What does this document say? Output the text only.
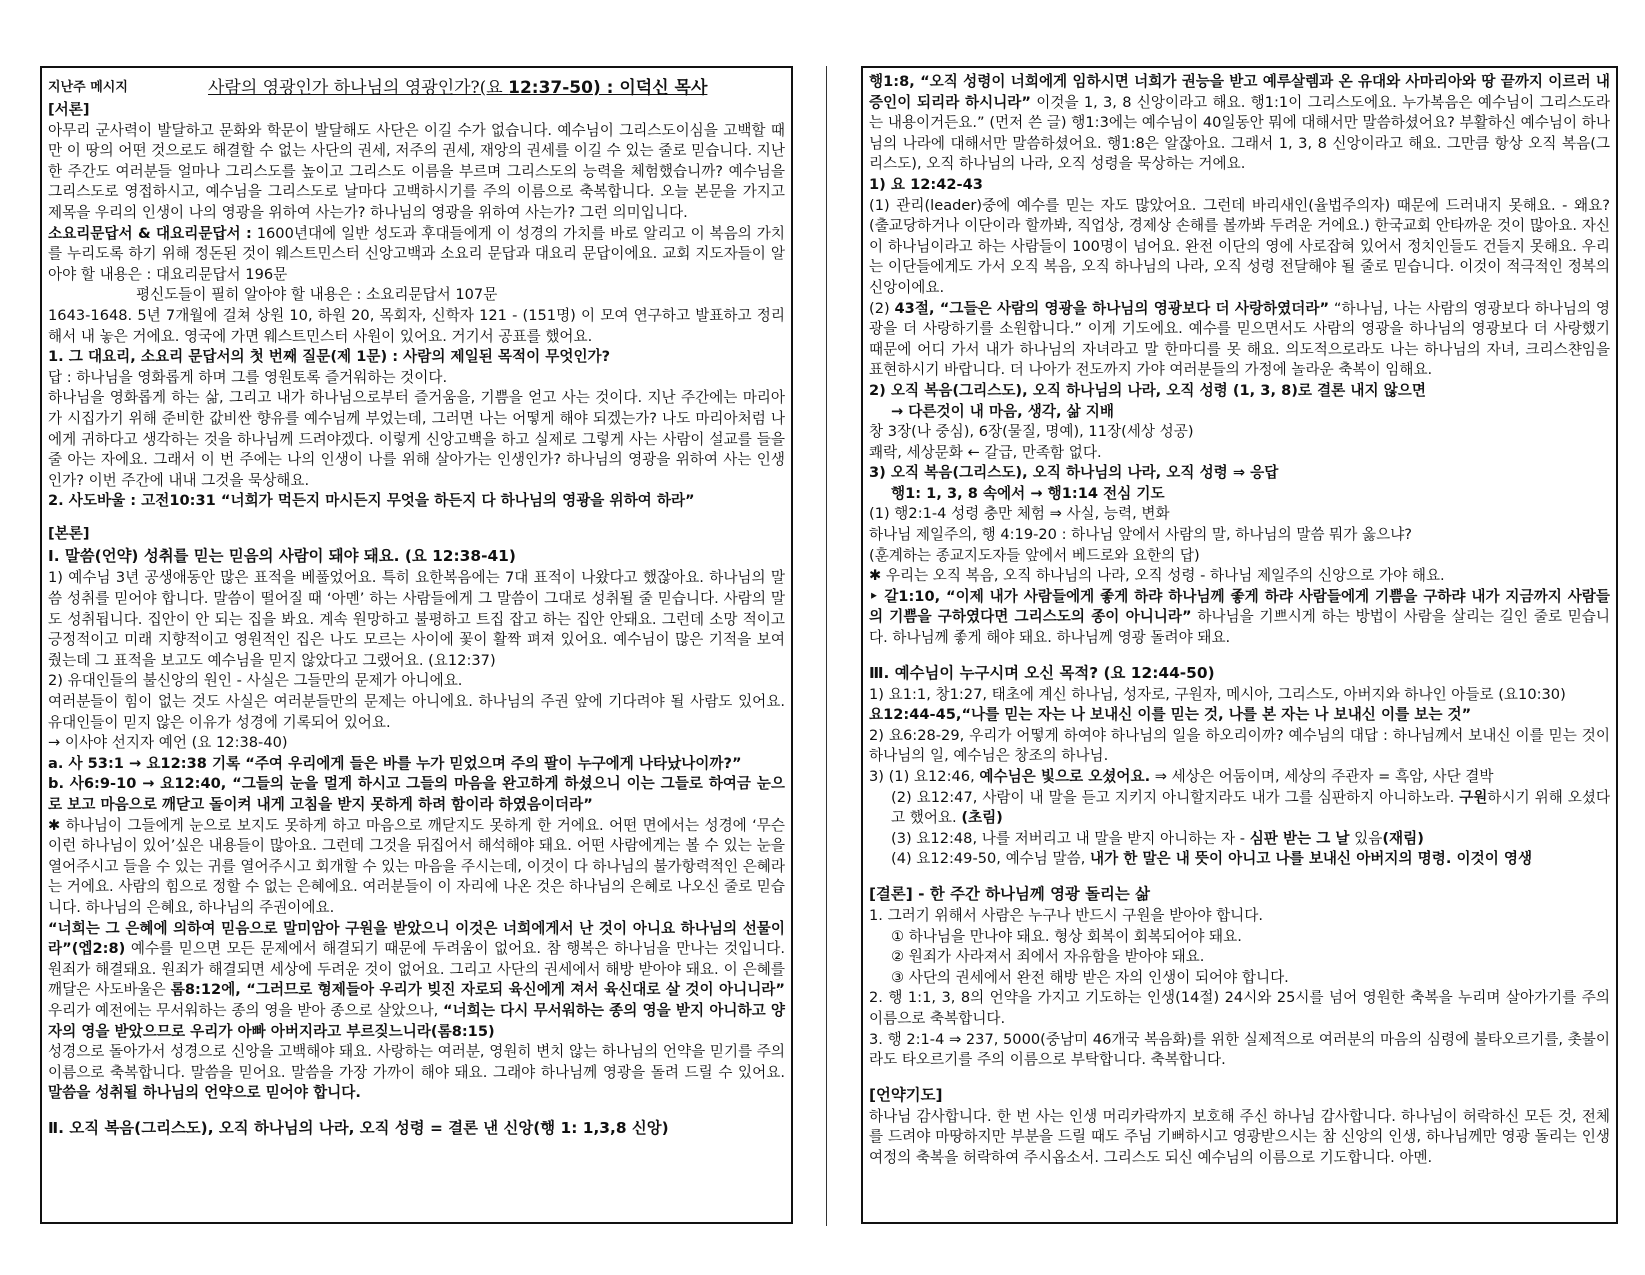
지난주 메시지	사람의 영광인가 하나님의 영광인가?(요 12:37-50) : 이덕신 목사

[서론]

아무리 군사력이 발달하고 문화와 학문이 발달해도 사단은 이길 수가 없습니다. 예수님이 그리스도이심을 고백할 때만 이 땅의 어떤 것으로도 해결할 수 없는 사단의 권세, 저주의 권세, 재앙의 권세를 이길 수 있는 줄로 믿습니다. 지난 한 주간도 여러분들 얼마나 그리스도를 높이고 그리스도 이름을 부르며 그리스도의 능력을 체험했습니까? 예수님을 그리스도로 영접하시고, 예수님을 그리스도로 날마다 고백하시기를 주의 이름으로 축복합니다. 오늘 본문을 가지고 제목을 우리의 인생이 나의 영광을 위하여 사는가? 하나님의 영광을 위하여 사는가? 그런 의미입니다.

소요리문답서 & 대요리문답서 : 1600년대에 일반 성도과 후대들에게 이 성경의 가치를 바로 알리고 이 복음의 가치를 누리도록 하기 위해 정돈된 것이 웨스트민스터 신앙고백과 소요리 문답과 대요리 문답이에요. 교회 지도자들이 알아야 할 내용은 : 대요리문답서 196문

평신도들이 필히 알아야 할 내용은 : 소요리문답서 107문

1643-1648. 5년 7개월에 걸쳐 상원 10, 하원 20, 목회자, 신학자 121 - (151명) 이 모여 연구하고 발표하고 정리해서 내 놓은 거에요. 영국에 가면 웨스트민스터 사원이 있어요. 거기서 공표를 했어요.

1. 그 대요리, 소요리 문답서의 첫 번째 질문(제 1문) : 사람의 제일된 목적이 무엇인가?

답 : 하나님을 영화롭게 하며 그를 영원토록 즐거워하는 것이다.

하나님을 영화롭게 하는 삶, 그리고 내가 하나님으로부터 즐거움을, 기쁨을 얻고 사는 것이다. 지난 주간에는 마리아가 시집가기 위해 준비한 값비싼 향유를 예수님께 부었는데, 그러면 나는 어떻게 해야 되겠는가? 나도 마리아처럼 나에게 귀하다고 생각하는 것을 하나님께 드려야겠다. 이렇게 신앙고백을 하고 실제로 그렇게 사는 사람이 설교를 들을 줄 아는 자에요. 그래서 이 번 주에는 나의 인생이 나를 위해 살아가는 인생인가? 하나님의 영광을 위하여 사는 인생인가? 이번 주간에 내내 그것을 묵상해요.

2. 사도바울 : 고전10:31 “너희가 먹든지 마시든지 무엇을 하든지 다 하나님의 영광을 위하여 하라”

[본론]

Ⅰ. 말씀(언약) 성취를 믿는 믿음의 사람이 돼야 돼요. (요 12:38-41)

1) 예수님 3년 공생애동안 많은 표적을 베풀었어요. 특히 요한복음에는 7대 표적이 나왔다고 했잖아요. 하나님의 말씀 성취를 믿어야 합니다. 말씀이 떨어질 때 ‘아멘’ 하는 사람들에게 그 말씀이 그대로 성취될 줄 믿습니다. 사람의 말도 성취됩니다. 집안이 안 되는 집을 봐요. 계속 원망하고 불평하고 트집 잡고 하는 집안 안돼요. 그런데 소망 적이고 긍정적이고 미래 지향적이고 영원적인 집은 나도 모르는 사이에 꽃이 활짝 펴져 있어요. 예수님이 많은 기적을 보여 줬는데 그 표적을 보고도 예수님을 믿지 않았다고 그랬어요. (요12:37)

2) 유대인들의 불신앙의 원인 - 사실은 그들만의 문제가 아니에요.

여러분들이 힘이 없는 것도 사실은 여러분들만의 문제는 아니에요. 하나님의 주권 앞에 기다려야 될 사람도 있어요. 유대인들이 믿지 않은 이유가 성경에 기록되어 있어요.

→ 이사야 선지자 예언 (요 12:38-40)

a. 사 53:1 → 요12:38 기록 “주여 우리에게 들은 바를 누가 믿었으며 주의 팔이 누구에게 나타났나이까?”

b. 사6:9-10 → 요12:40, “그들의 눈을 멀게 하시고 그들의 마음을 완고하게 하셨으니 이는 그들로 하여금 눈으로 보고 마음으로 깨닫고 돌이켜 내게 고침을 받지 못하게 하려 함이라 하였음이더라”

✱ 하나님이 그들에게 눈으로 보지도 못하게 하고 마음으로 깨닫지도 못하게 한 거에요. 어떤 면에서는 성경에 ‘무슨 이런 하나님이 있어’싶은 내용들이 많아요. 그런데 그것을 뒤집어서 해석해야 돼요. 어떤 사람에게는 볼 수 있는 눈을 열어주시고 들을 수 있는 귀를 열어주시고 회개할 수 있는 마음을 주시는데, 이것이 다 하나님의 불가항력적인 은혜라는 거에요. 사람의 힘으로 정할 수 없는 은혜에요. 여러분들이 이 자리에 나온 것은 하나님의 은혜로 나오신 줄로 믿습니다. 하나님의 은혜요, 하나님의 주권이에요.

“너희는 그 은혜에 의하여 믿음으로 말미암아 구원을 받았으니 이것은 너희에게서 난 것이 아니요 하나님의 선물이라”(엡2:8) 예수를 믿으면 모든 문제에서 해결되기 때문에 두려움이 없어요. 참 행복은 하나님을 만나는 것입니다. 원죄가 해결돼요. 원죄가 해결되면 세상에 두려운 것이 없어요. 그리고 사단의 권세에서 해방 받아야 돼요. 이 은혜를 깨달은 사도바울은 롬8:12에, “그러므로 형제들아 우리가 빚진 자로되 육신에게 져서 육신대로 살 것이 아니니라” 우리가 예전에는 무서워하는 종의 영을 받아 종으로 살았으나, “너희는 다시 무서워하는 종의 영을 받지 아니하고 양자의 영을 받았으므로 우리가 아빠 아버지라고 부르짖느니라(롬8:15)

성경으로 돌아가서 성경으로 신앙을 고백해야 돼요. 사랑하는 여러분, 영원히 변치 않는 하나님의 언약을 믿기를 주의 이름으로 축복합니다. 말씀을 믿어요. 말씀을 가장 가까이 해야 돼요. 그래야 하나님께 영광을 돌려 드릴 수 있어요. 말씀을 성취될 하나님의 언약으로 믿어야 합니다.

Ⅱ. 오직 복음(그리스도), 오직 하나님의 나라, 오직 성령 = 결론 낸 신앙(행 1: 1,3,8 신앙)

행1:8, “오직 성령이 너희에게 임하시면 너희가 권능을 받고 예루살렘과 온 유대와 사마리아와 땅 끝까지 이르러 내 증인이 되리라 하시니라” 이것을 1, 3, 8 신앙이라고 해요. 행1:1이 그리스도에요. 누가복음은 예수님이 그리스도라는 내용이거든요.” (먼저 쓴 글) 행1:3에는 예수님이 40일동안 뭐에 대해서만 말씀하셨어요? 부활하신 예수님이 하나님의 나라에 대해서만 말씀하셨어요. 행1:8은 알잖아요. 그래서 1, 3, 8 신앙이라고 해요. 그만큼 항상 오직 복음(그리스도), 오직 하나님의 나라, 오직 성령을 묵상하는 거에요.

1) 요 12:42-43

(1) 관리(leader)중에 예수를 믿는 자도 많았어요. 그런데 바리새인(율법주의자) 때문에 드러내지 못해요. - 왜요? (출교당하거나 이단이라 할까봐, 직업상, 경제상 손해를 볼까봐 두려운 거에요.) 한국교회 안타까운 것이 많아요. 자신이 하나님이라고 하는 사람들이 100명이 넘어요. 완전 이단의 영에 사로잡혀 있어서 정치인들도 건들지 못해요. 우리는 이단들에게도 가서 오직 복음, 오직 하나님의 나라, 오직 성령 전달해야 될 줄로 믿습니다. 이것이 적극적인 정복의 신앙이에요.

(2) 43절, “그들은 사람의 영광을 하나님의 영광보다 더 사랑하였더라” “하나님, 나는 사람의 영광보다 하나님의 영광을 더 사랑하기를 소원합니다.” 이게 기도에요. 예수를 믿으면서도 사람의 영광을 하나님의 영광보다 더 사랑했기 때문에 어디 가서 내가 하나님의 자녀라고 말 한마디를 못 해요. 의도적으로라도 나는 하나님의 자녀, 크리스챤임을 표현하시기 바랍니다. 더 나아가 전도까지 가야 여러분들의 가정에 놀라운 축복이 임해요.

2) 오직 복음(그리스도), 오직 하나님의 나라, 오직 성령 (1, 3, 8)로 결론 내지 않으면

→ 다른것이 내 마음, 생각, 삶 지배

창 3장(나 중심), 6장(물질, 명예), 11장(세상 성공)

쾌락, 세상문화 ← 갈급, 만족함 없다.

3) 오직 복음(그리스도), 오직 하나님의 나라, 오직 성령 ⇒ 응답

행1: 1, 3, 8 속에서 → 행1:14 전심 기도

(1) 행2:1-4 성령 충만 체험 ⇒ 사실, 능력, 변화

하나님 제일주의, 행 4:19-20 : 하나님 앞에서 사람의 말, 하나님의 말씀 뭐가 옳으냐?

(훈계하는 종교지도자들 앞에서 베드로와 요한의 답)

✱ 우리는 오직 복음, 오직 하나님의 나라, 오직 성령 - 하나님 제일주의 신앙으로 가야 해요.

‣ 갈1:10, “이제 내가 사람들에게 좋게 하랴 하나님께 좋게 하랴 사람들에게 기쁨을 구하랴 내가 지금까지 사람들의 기쁨을 구하였다면 그리스도의 종이 아니니라” 하나님을 기쁘시게 하는 방법이 사람을 살리는 길인 줄로 믿습니다. 하나님께 좋게 해야 돼요. 하나님께 영광 돌려야 돼요.

Ⅲ. 예수님이 누구시며 오신 목적? (요 12:44-50)

1) 요1:1, 창1:27, 태초에 계신 하나님, 성자로, 구원자, 메시아, 그리스도, 아버지와 하나인 아들로 (요10:30)

요12:44-45,“나를 믿는 자는 나 보내신 이를 믿는 것, 나를 본 자는 나 보내신 이를 보는 것”

2) 요6:28-29, 우리가 어떻게 하여야 하나님의 일을 하오리이까? 예수님의 대답 : 하나님께서 보내신 이를 믿는 것이 하나님의 일, 예수님은 창조의 하나님.

3) (1) 요12:46, 예수님은 빛으로 오셨어요. ⇒ 세상은 어둠이며, 세상의 주관자 = 흑암, 사단 결박

(2) 요12:47, 사람이 내 말을 듣고 지키지 아니할지라도 내가 그를 심판하지 아니하노라. 구원하시기 위해 오셨다고 했어요. (초림)

(3) 요12:48, 나를 저버리고 내 말을 받지 아니하는 자 - 심판 받는 그 날 있음(재림)

(4) 요12:49-50, 예수님 말씀, 내가 한 말은 내 뜻이 아니고 나를 보내신 아버지의 명령. 이것이 영생

[결론] - 한 주간 하나님께 영광 돌리는 삶

1. 그러기 위해서 사람은 누구나 반드시 구원을 받아야 합니다.

① 하나님을 만나야 돼요. 형상 회복이 회복되어야 돼요.

② 원죄가 사라져서 죄에서 자유함을 받아야 돼요.

③ 사단의 권세에서 완전 해방 받은 자의 인생이 되어야 합니다.

2. 행 1:1, 3, 8의 언약을 가지고 기도하는 인생(14절) 24시와 25시를 넘어 영원한 축복을 누리며 살아가기를 주의 이름으로 축복합니다.

3. 행 2:1-4 ⇒ 237, 5000(중남미 46개국 복음화)를 위한 실제적으로 여러분의 마음의 심령에 불타오르기를, 촛불이라도 타오르기를 주의 이름으로 부탁합니다. 축복합니다.

[언약기도]

하나님 감사합니다. 한 번 사는 인생 머리카락까지 보호해 주신 하나님 감사합니다. 하나님이 허락하신 모든 것, 전체를 드려야 마땅하지만 부분을 드릴 때도 주님 기뻐하시고 영광받으시는 참 신앙의 인생, 하나님께만 영광 돌리는 인생 여정의 축복을 허락하여 주시옵소서. 그리스도 되신 예수님의 이름으로 기도합니다. 아멘.
